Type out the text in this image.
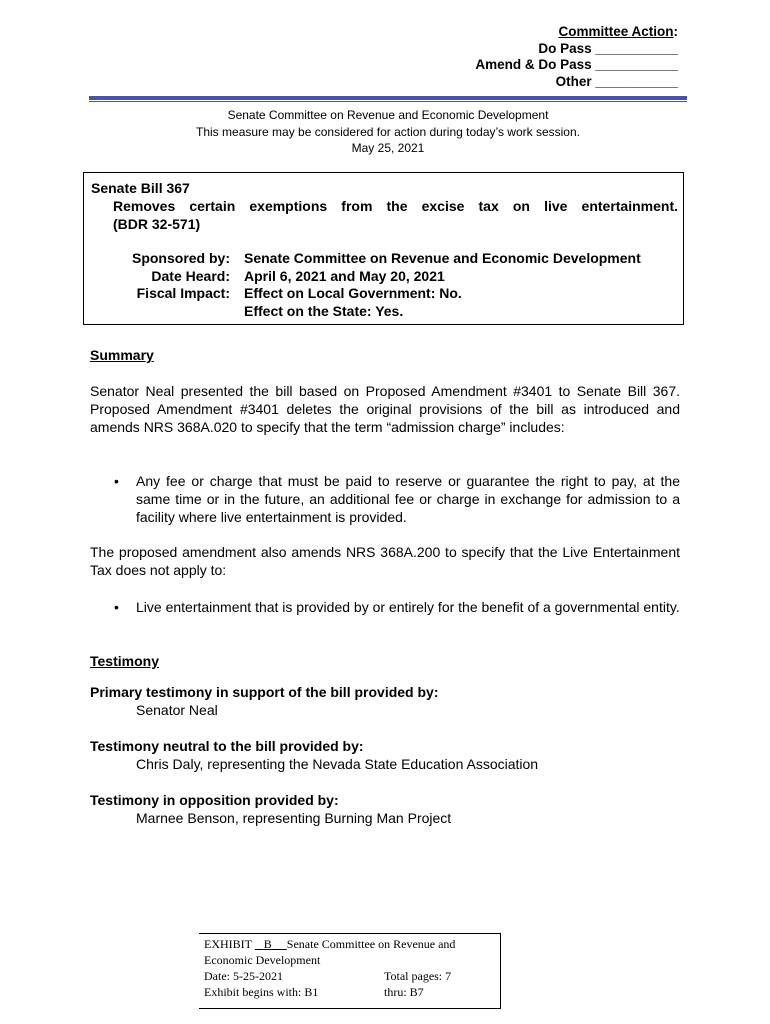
Committee Action:
Do Pass ___________
Amend & Do Pass ___________
Other ___________
Senate Committee on Revenue and Economic Development
This measure may be considered for action during today’s work session.
May 25, 2021
Senate Bill 367
Removes certain exemptions from the excise tax on live entertainment.
(BDR 32-571)
Sponsored by:	Senate Committee on Revenue and Economic Development
Date Heard:	April 6, 2021 and May 20, 2021
Fiscal Impact:	Effect on Local Government: No.
Effect on the State: Yes.
Summary
Senator Neal presented the bill based on Proposed Amendment #3401 to Senate Bill 367. Proposed Amendment #3401 deletes the original provisions of the bill as introduced and amends NRS 368A.020 to specify that the term “admission charge” includes:
• Any fee or charge that must be paid to reserve or guarantee the right to pay, at the same time or in the future, an additional fee or charge in exchange for admission to a facility where live entertainment is provided.
The proposed amendment also amends NRS 368A.200 to specify that the Live Entertainment Tax does not apply to:
• Live entertainment that is provided by or entirely for the benefit of a governmental entity.
Testimony
Primary testimony in support of the bill provided by:
Senator Neal
Testimony neutral to the bill provided by:
Chris Daly, representing the Nevada State Education Association
Testimony in opposition provided by:
Marnee Benson, representing Burning Man Project
EXHIBIT B Senate Committee on Revenue and
Economic Development
Date: 5-25-2021	Total pages: 7
Exhibit begins with: B1	thru: B7
